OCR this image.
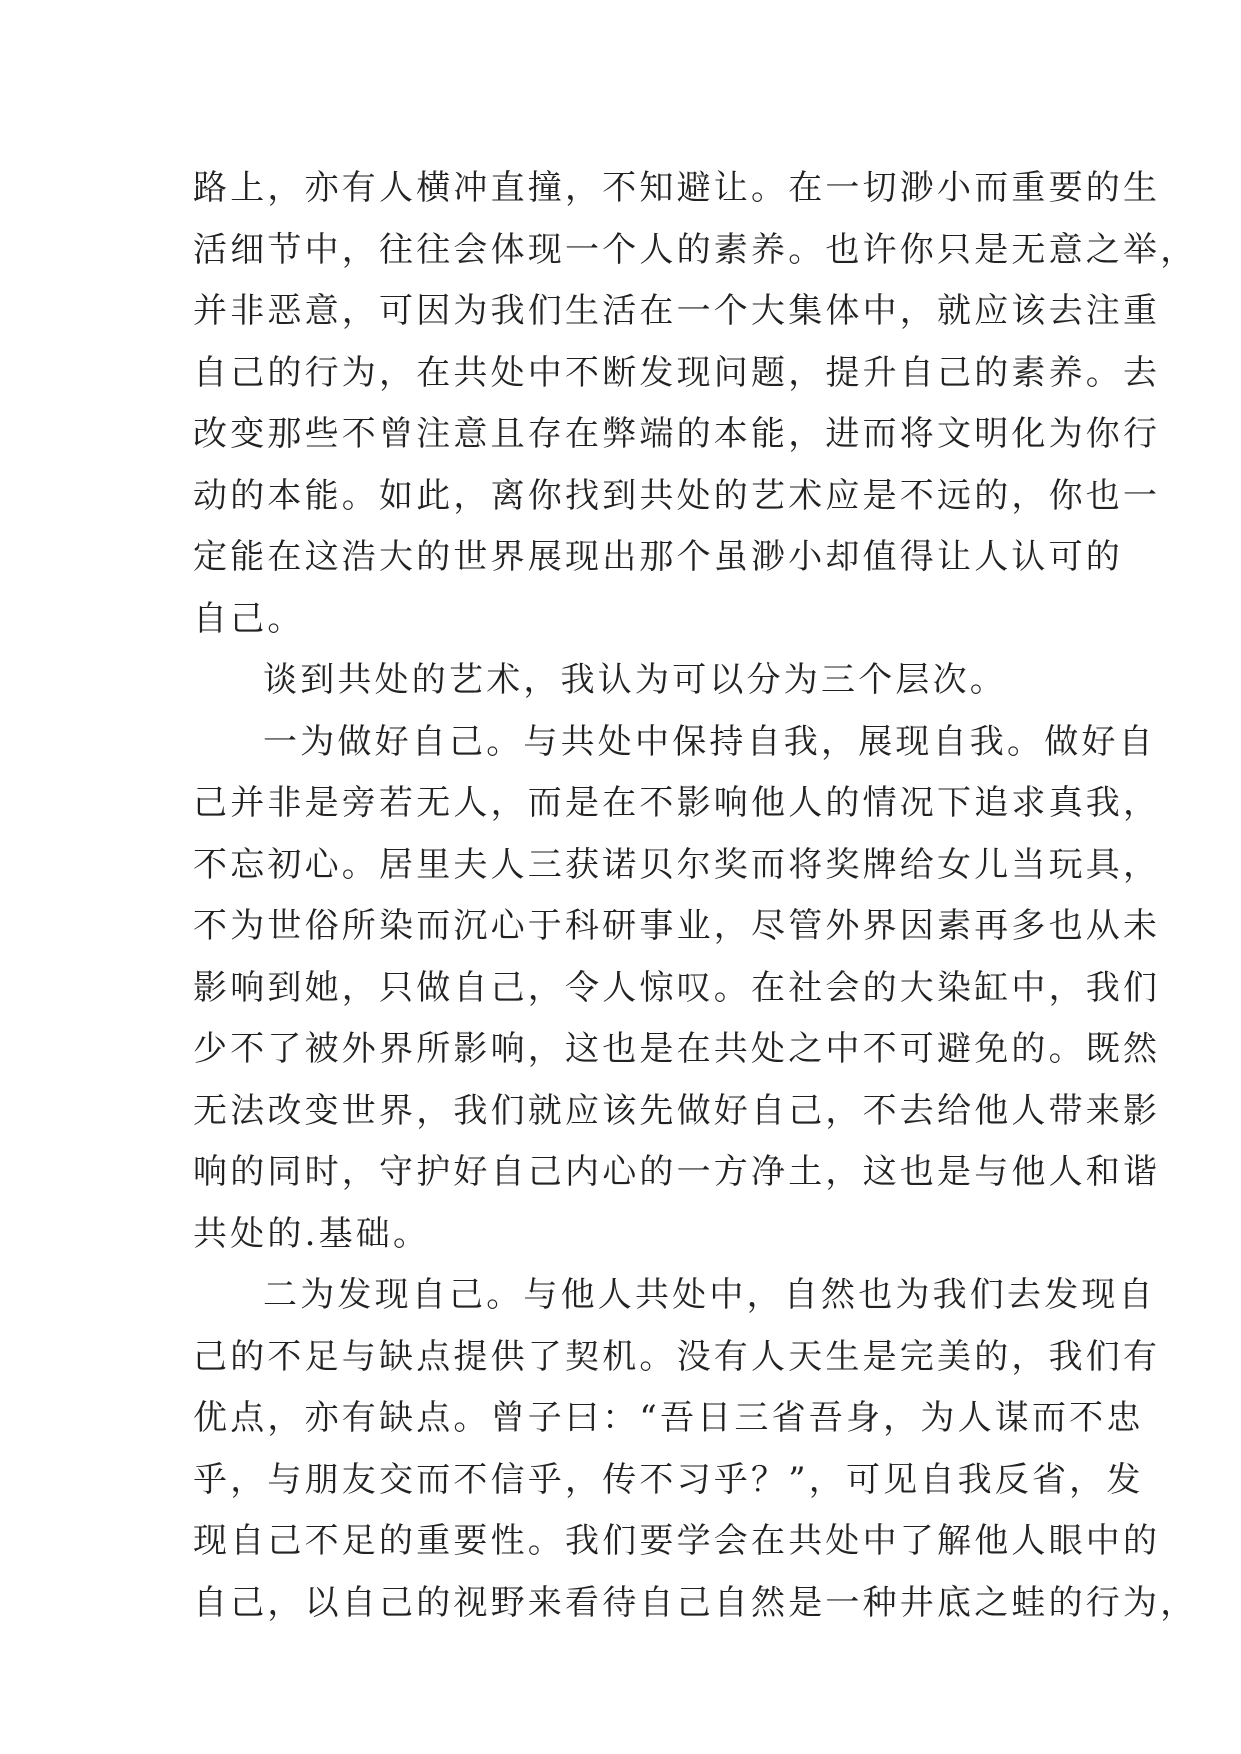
路上，亦有人横冲直撞，不知避让。在一切渺小而重要的生
活细节中，往往会体现一个人的素养。也许你只是无意之举，
并非恶意，可因为我们生活在一个大集体中，就应该去注重
自己的行为，在共处中不断发现问题，提升自己的素养。去
改变那些不曾注意且存在弊端的本能，进而将文明化为你行
动的本能。如此，离你找到共处的艺术应是不远的，你也一
定能在这浩大的世界展现出那个虽渺小却值得让人认可的
自己。
谈到共处的艺术，我认为可以分为三个层次。
一为做好自己。与共处中保持自我，展现自我。做好自
己并非是旁若无人，而是在不影响他人的情况下追求真我，
不忘初心。居里夫人三获诺贝尔奖而将奖牌给女儿当玩具，
不为世俗所染而沉心于科研事业，尽管外界因素再多也从未
影响到她，只做自己，令人惊叹。在社会的大染缸中，我们
少不了被外界所影响，这也是在共处之中不可避免的。既然
无法改变世界，我们就应该先做好自己，不去给他人带来影
响的同时，守护好自己内心的一方净土，这也是与他人和谐
共处的.基础。
二为发现自己。与他人共处中，自然也为我们去发现自
己的不足与缺点提供了契机。没有人天生是完美的，我们有
优点，亦有缺点。曾子曰：“吾日三省吾身，为人谋而不忠
乎，与朋友交而不信乎，传不习乎？”，可见自我反省，发
现自己不足的重要性。我们要学会在共处中了解他人眼中的
自己，以自己的视野来看待自己自然是一种井底之蛙的行为，
